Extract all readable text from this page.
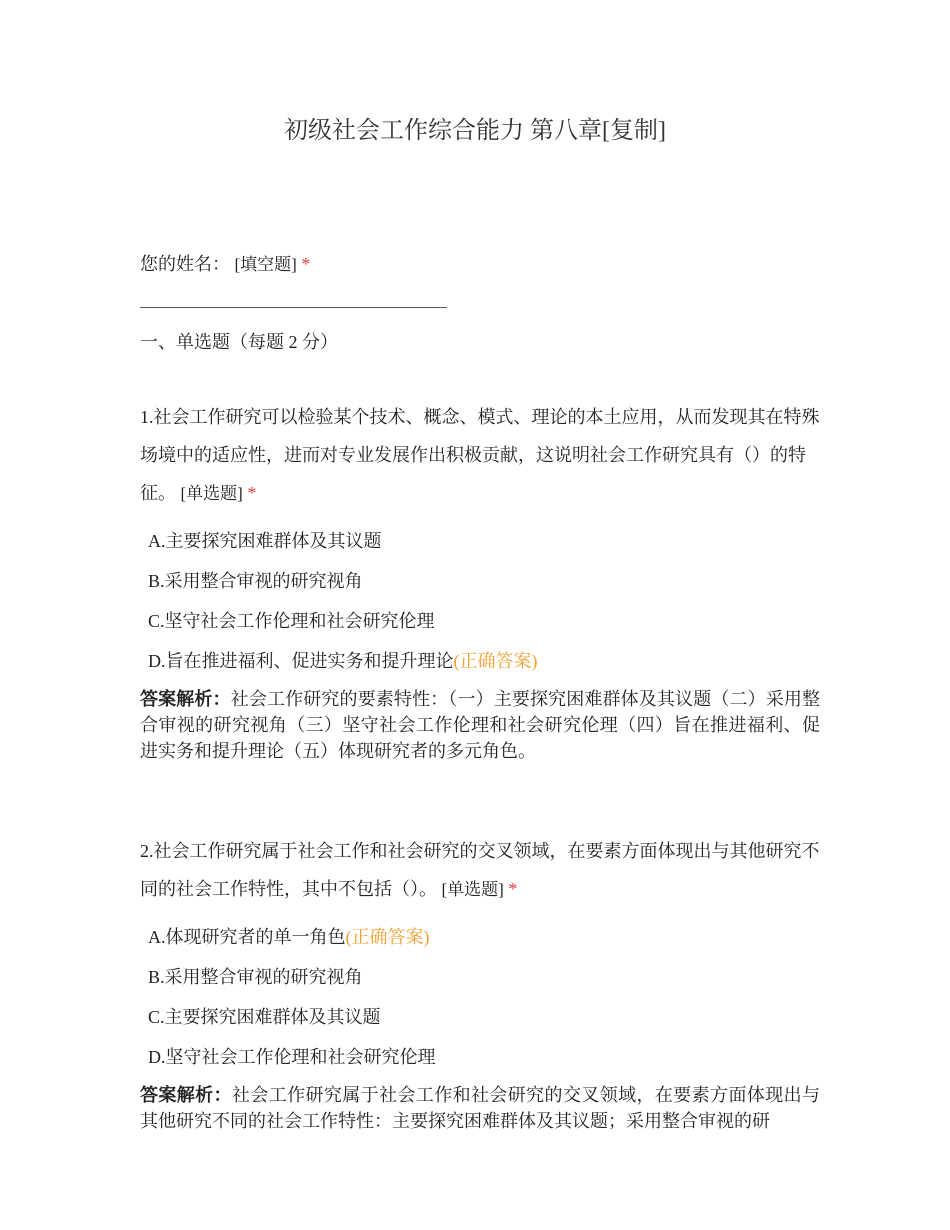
初级社会工作综合能力 第八章[复制]
您的姓名： [填空题] *
一、单选题（每题 2 分）
1.社会工作研究可以检验某个技术、概念、模式、理论的本土应用，从而发现其在特殊场境中的适应性，进而对专业发展作出积极贡献，这说明社会工作研究具有（）的特征。 [单选题] *
A.主要探究困难群体及其议题
B.采用整合审视的研究视角
C.坚守社会工作伦理和社会研究伦理
D.旨在推进福利、促进实务和提升理论(正确答案)
答案解析：社会工作研究的要素特性：（一）主要探究困难群体及其议题（二）采用整合审视的研究视角（三）坚守社会工作伦理和社会研究伦理（四）旨在推进福利、促进实务和提升理论（五）体现研究者的多元角色。
2.社会工作研究属于社会工作和社会研究的交叉领域，在要素方面体现出与其他研究不同的社会工作特性，其中不包括（）。 [单选题] *
A.体现研究者的单一角色(正确答案)
B.采用整合审视的研究视角
C.主要探究困难群体及其议题
D.坚守社会工作伦理和社会研究伦理
答案解析：社会工作研究属于社会工作和社会研究的交叉领域，在要素方面体现出与其他研究不同的社会工作特性：主要探究困难群体及其议题；采用整合审视的研
